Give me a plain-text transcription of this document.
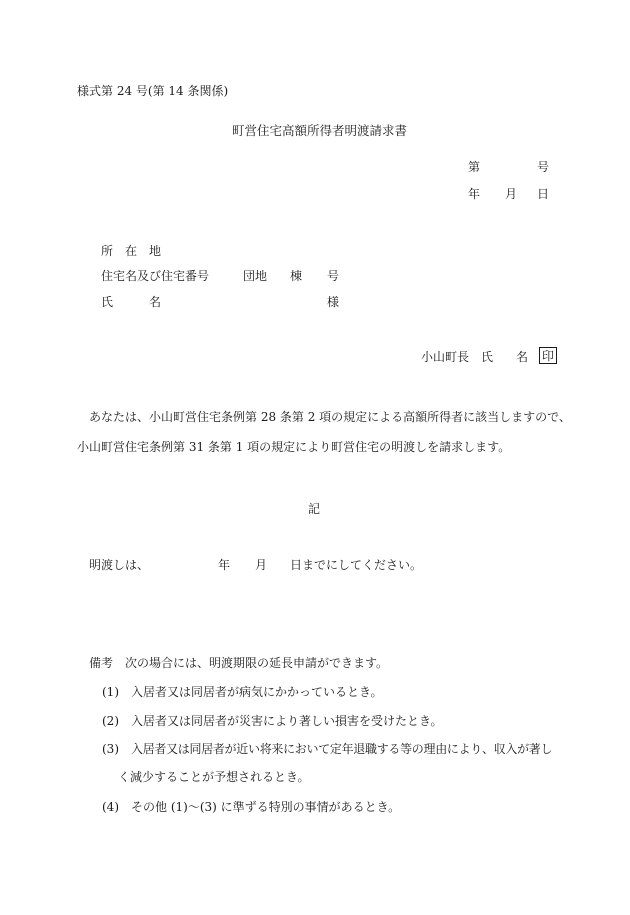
様式第 24 号(第 14 条関係)
町営住宅高額所得者明渡請求書
第	号
年 月 日
所　在　地
住宅名及び住宅番号	団地 棟 号
氏　　　名	様
小山町長 氏 名	印
あなたは、小山町営住宅条例第 28 条第 2 項の規定による高額所得者に該当しますので、
小山町営住宅条例第 31 条第 1 項の規定により町営住宅の明渡しを請求します。
記
明渡しは、	年 月 日までにしてください。
備考　次の場合には、明渡期限の延長申請ができます。
(1) 入居者又は同居者が病気にかかっているとき。
(2) 入居者又は同居者が災害により著しい損害を受けたとき。
(3) 入居者又は同居者が近い将来において定年退職する等の理由により、収入が著し
く減少することが予想されるとき。
(4) その他 (1)～(3) に準ずる特別の事情があるとき。
